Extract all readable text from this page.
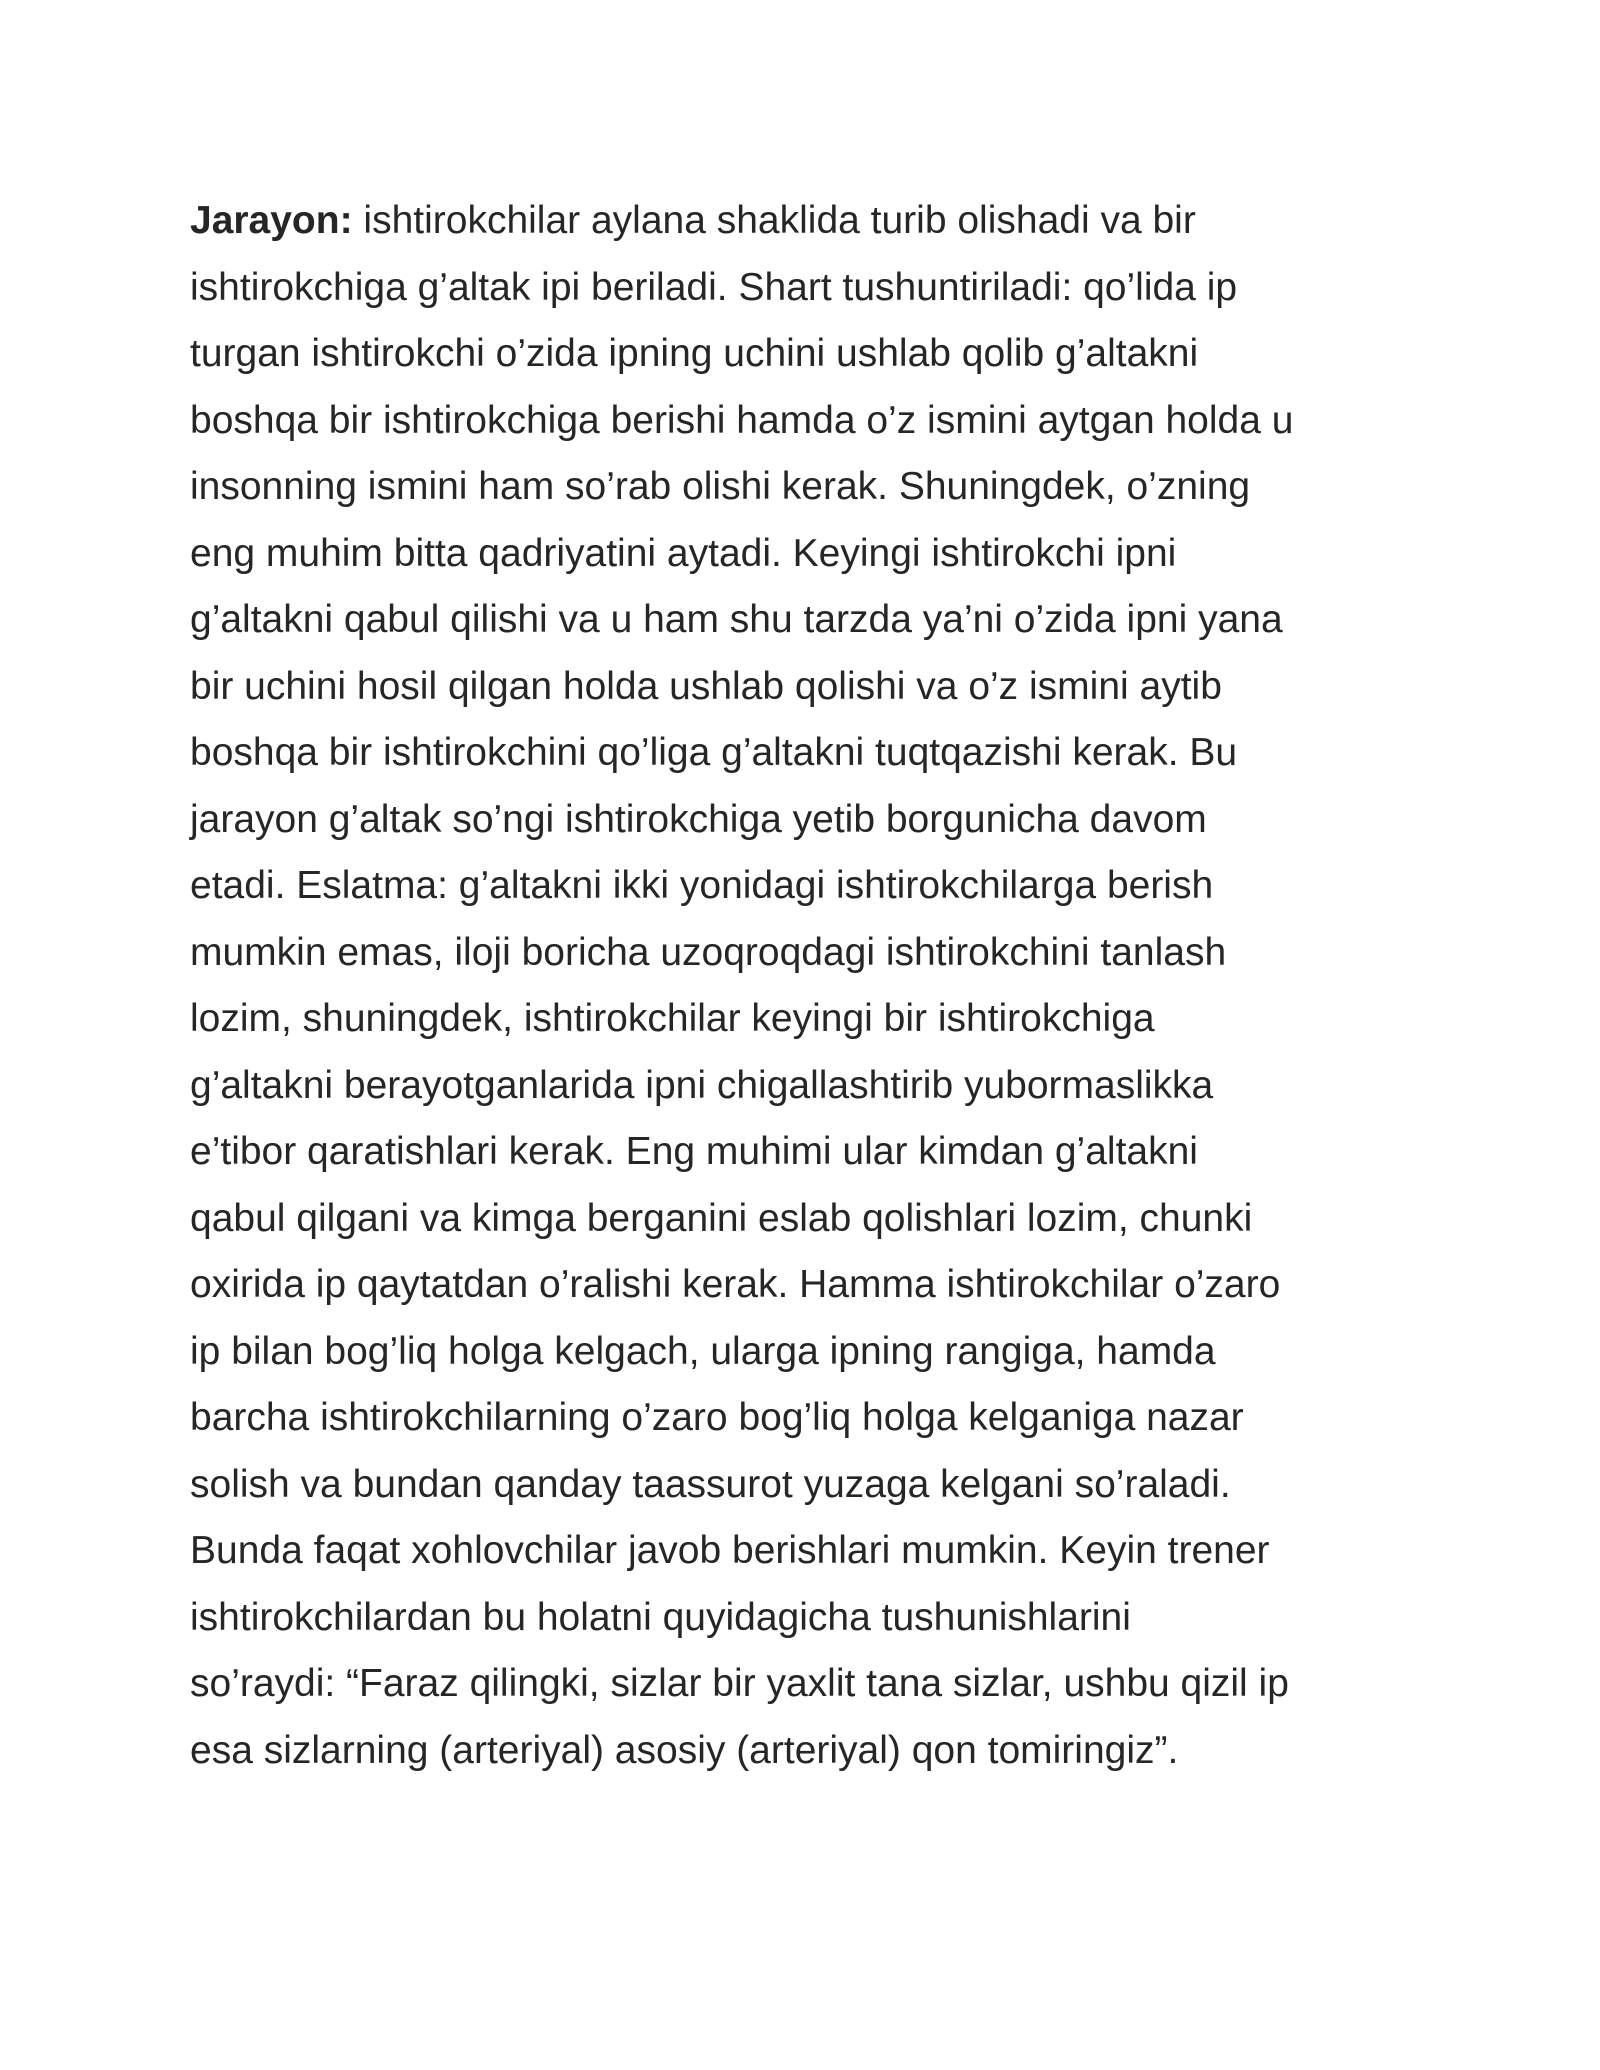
Jarayon: ishtirokchilar aylana shaklida turib olishadi va bir
ishtirokchiga g’altak ipi beriladi. Shart tushuntiriladi: qo’lida ip
turgan ishtirokchi o’zida ipning uchini ushlab qolib g’altakni
boshqa bir ishtirokchiga berishi hamda o’z ismini aytgan holda u
insonning ismini ham so’rab olishi kerak. Shuningdek, o’zning
eng muhim bitta qadriyatini aytadi. Keyingi ishtirokchi ipni
g’altakni qabul qilishi va u ham shu tarzda ya’ni o’zida ipni yana
bir uchini hosil qilgan holda ushlab qolishi va o’z ismini aytib
boshqa bir ishtirokchini qo’liga g’altakni tuqtqazishi kerak. Bu
jarayon g’altak so’ngi ishtirokchiga yetib borgunicha davom
etadi. Eslatma: g’altakni ikki yonidagi ishtirokchilarga berish
mumkin emas, iloji boricha uzoqroqdagi ishtirokchini tanlash
lozim, shuningdek, ishtirokchilar keyingi bir ishtirokchiga
g’altakni berayotganlarida ipni chigallashtirib yubormaslikka
e’tibor qaratishlari kerak. Eng muhimi ular kimdan g’altakni
qabul qilgani va kimga berganini eslab qolishlari lozim, chunki
oxirida ip qaytatdan o’ralishi kerak. Hamma ishtirokchilar o’zaro
ip bilan bog’liq holga kelgach, ularga ipning rangiga, hamda
barcha ishtirokchilarning o’zaro bog’liq holga kelganiga nazar
solish va bundan qanday taassurot yuzaga kelgani so’raladi.
Bunda faqat xohlovchilar javob berishlari mumkin. Keyin trener
ishtirokchilardan bu holatni quyidagicha tushunishlarini
so’raydi: “Faraz qilingki, sizlar bir yaxlit tana sizlar, ushbu qizil ip
esa sizlarning (arteriyal) asosiy (arteriyal) qon tomiringiz”.
